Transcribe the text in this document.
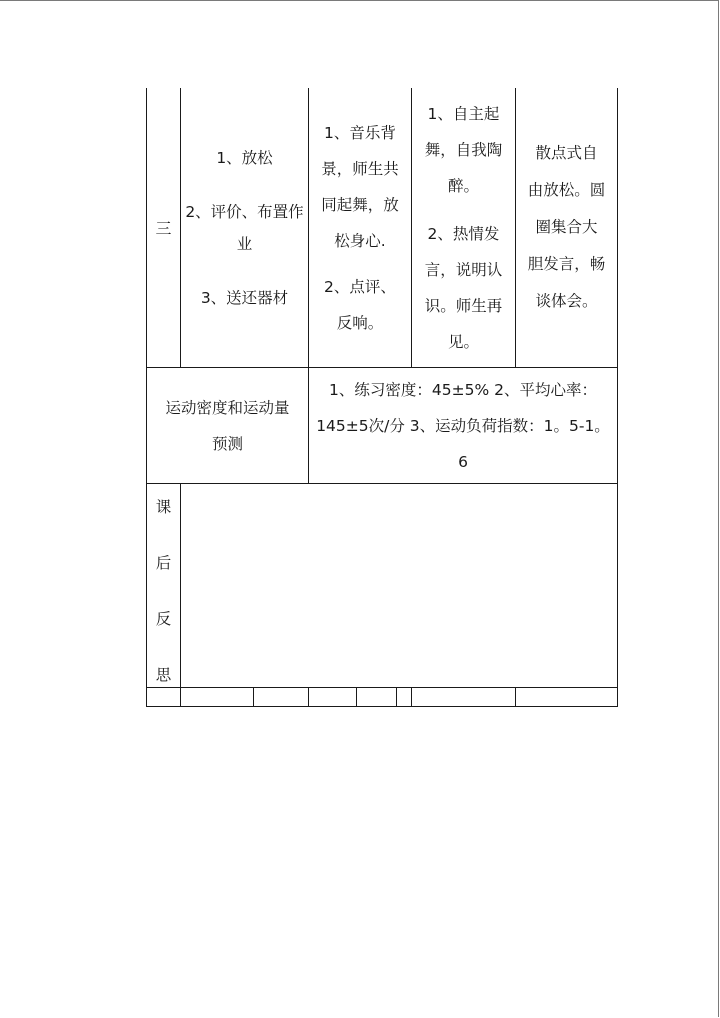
三
1、放松
2、评价、布置作
业
3、送还器材
1、音乐背
景，师生共
同起舞，放
松身心.
2、点评、
反响。
1、自主起
舞，自我陶
醉。
2、热情发
言，说明认
识。师生再
见。
散点式自
由放松。圆
圈集合大
胆发言，畅
谈体会。
运动密度和运动量
预测
1、练习密度：45±5% 2、平均心率：
145±5次/分 3、运动负荷指数：1。5-1。
6
课
后
反
思
